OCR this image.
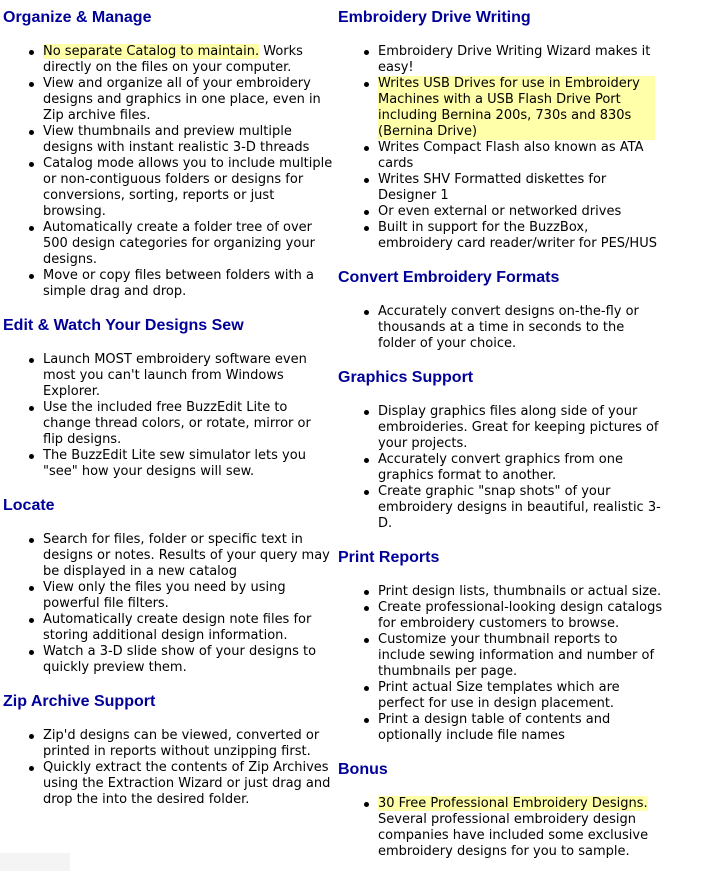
Organize & Manage
No separate Catalog to maintain. Works directly on the files on your computer.
View and organize all of your embroidery designs and graphics in one place, even in Zip archive files.
View thumbnails and preview multiple designs with instant realistic 3-D threads
Catalog mode allows you to include multiple or non-contiguous folders or designs for conversions, sorting, reports or just browsing.
Automatically create a folder tree of over 500 design categories for organizing your designs.
Move or copy files between folders with a simple drag and drop.
Edit & Watch Your Designs Sew
Launch MOST embroidery software even most you can't launch from Windows Explorer.
Use the included free BuzzEdit Lite to change thread colors, or rotate, mirror or flip designs.
The BuzzEdit Lite sew simulator lets you "see" how your designs will sew.
Locate
Search for files, folder or specific text in designs or notes. Results of your query may be displayed in a new catalog
View only the files you need by using powerful file filters.
Automatically create design note files for storing additional design information.
Watch a 3-D slide show of your designs to quickly preview them.
Zip Archive Support
Zip'd designs can be viewed, converted or printed in reports without unzipping first.
Quickly extract the contents of Zip Archives using the Extraction Wizard or just drag and drop the into the desired folder.
Embroidery Drive Writing
Embroidery Drive Writing Wizard makes it easy!
Writes USB Drives for use in Embroidery Machines with a USB Flash Drive Port including Bernina 200s, 730s and 830s (Bernina Drive)
Writes Compact Flash also known as ATA cards
Writes SHV Formatted diskettes for Designer 1
Or even external or networked drives
Built in support for the BuzzBox, embroidery card reader/writer for PES/HUS
Convert Embroidery Formats
Accurately convert designs on-the-fly or thousands at a time in seconds to the folder of your choice.
Graphics Support
Display graphics files along side of your embroideries. Great for keeping pictures of your projects.
Accurately convert graphics from one graphics format to another.
Create graphic "snap shots" of your embroidery designs in beautiful, realistic 3-D.
Print Reports
Print design lists, thumbnails or actual size.
Create professional-looking design catalogs for embroidery customers to browse.
Customize your thumbnail reports to include sewing information and number of thumbnails per page.
Print actual Size templates which are perfect for use in design placement.
Print a design table of contents and optionally include file names
Bonus
30 Free Professional Embroidery Designs. Several professional embroidery design companies have included some exclusive embroidery designs for you to sample.
